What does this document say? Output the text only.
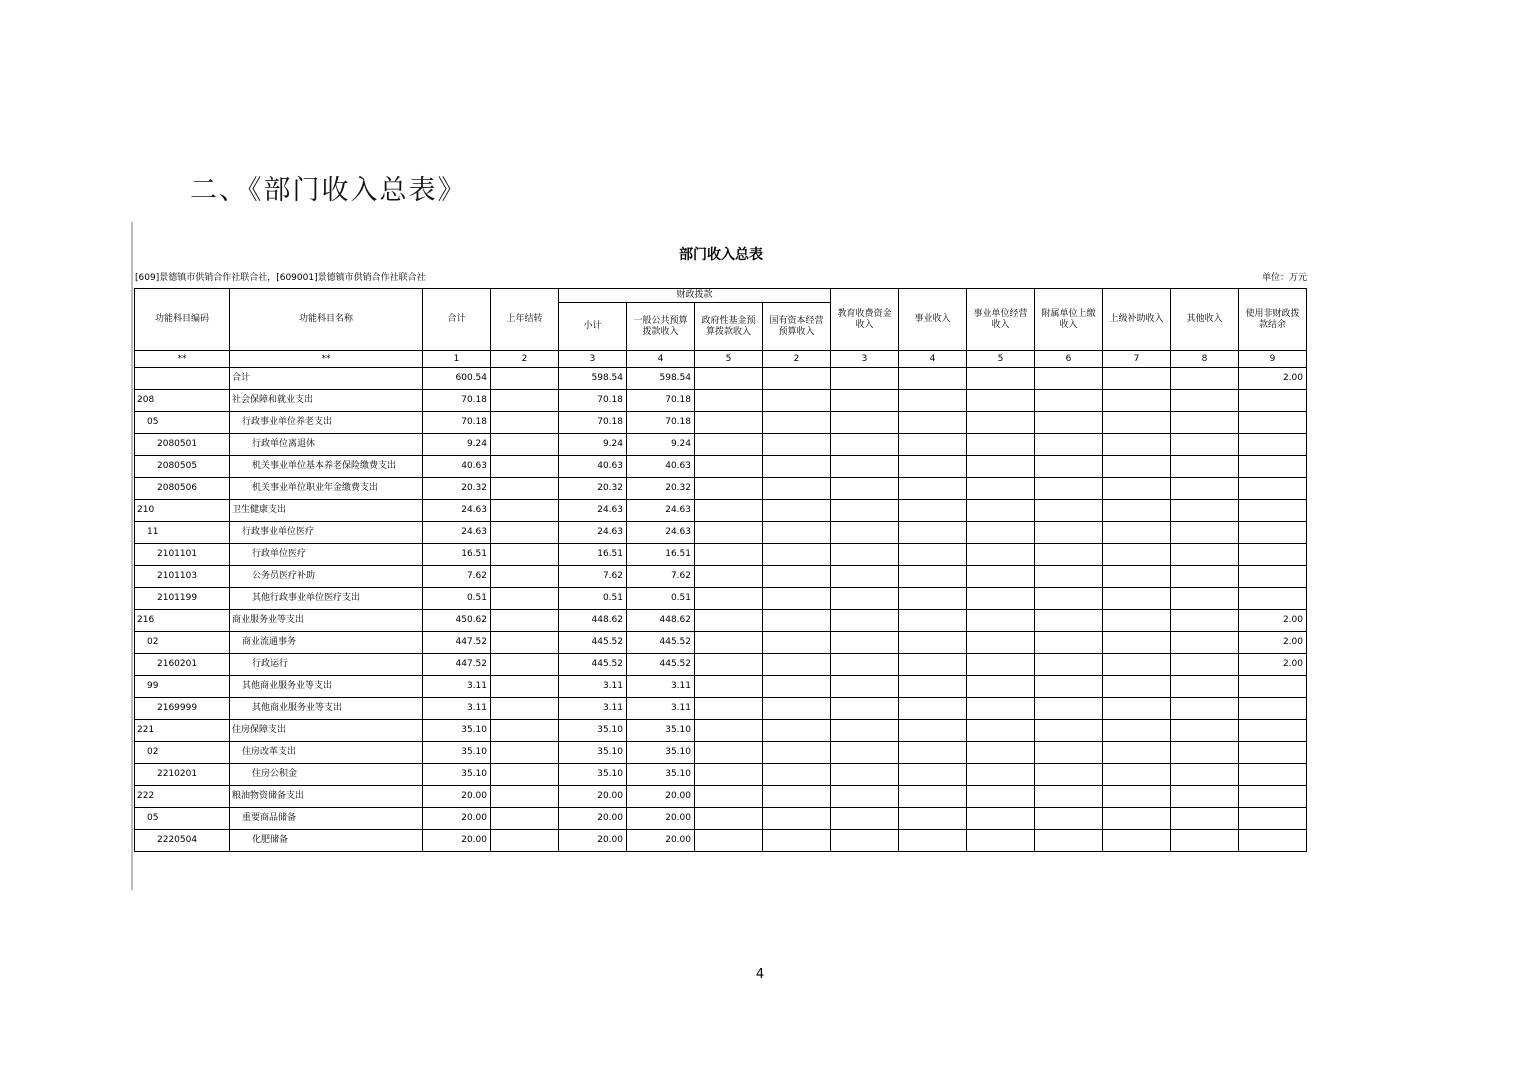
二、《部门收入总表》
部门收入总表
[609]景德镇市供销合作社联合社，[609001]景德镇市供销合作社联合社	单位：万元
功能科目编码	功能科目名称	合计	上年结转	财政拨款				教育收费资金收入	事业收入	事业单位经营收入	附属单位上缴收入	上级补助收入	其他收入	使用非财政拨款结余
				小计	一般公共预算拨款收入	政府性基金预算拨款收入	国有资本经营预算收入							
**	**	1	2	3	4	5	2	3	4	5	6	7	8	9
	合计	600.54		598.54	598.54									2.00
208	社会保障和就业支出	70.18		70.18	70.18									
05	行政事业单位养老支出	70.18		70.18	70.18									
2080501	行政单位离退休	9.24		9.24	9.24									
2080505	机关事业单位基本养老保险缴费支出	40.63		40.63	40.63									
2080506	机关事业单位职业年金缴费支出	20.32		20.32	20.32									
210	卫生健康支出	24.63		24.63	24.63									
11	行政事业单位医疗	24.63		24.63	24.63									
2101101	行政单位医疗	16.51		16.51	16.51									
2101103	公务员医疗补助	7.62		7.62	7.62									
2101199	其他行政事业单位医疗支出	0.51		0.51	0.51									
216	商业服务业等支出	450.62		448.62	448.62									2.00
02	商业流通事务	447.52		445.52	445.52									2.00
2160201	行政运行	447.52		445.52	445.52									2.00
99	其他商业服务业等支出	3.11		3.11	3.11									
2169999	其他商业服务业等支出	3.11		3.11	3.11									
221	住房保障支出	35.10		35.10	35.10									
02	住房改革支出	35.10		35.10	35.10									
2210201	住房公积金	35.10		35.10	35.10									
222	粮油物资储备支出	20.00		20.00	20.00									
05	重要商品储备	20.00		20.00	20.00									
2220504	化肥储备	20.00		20.00	20.00									
4
